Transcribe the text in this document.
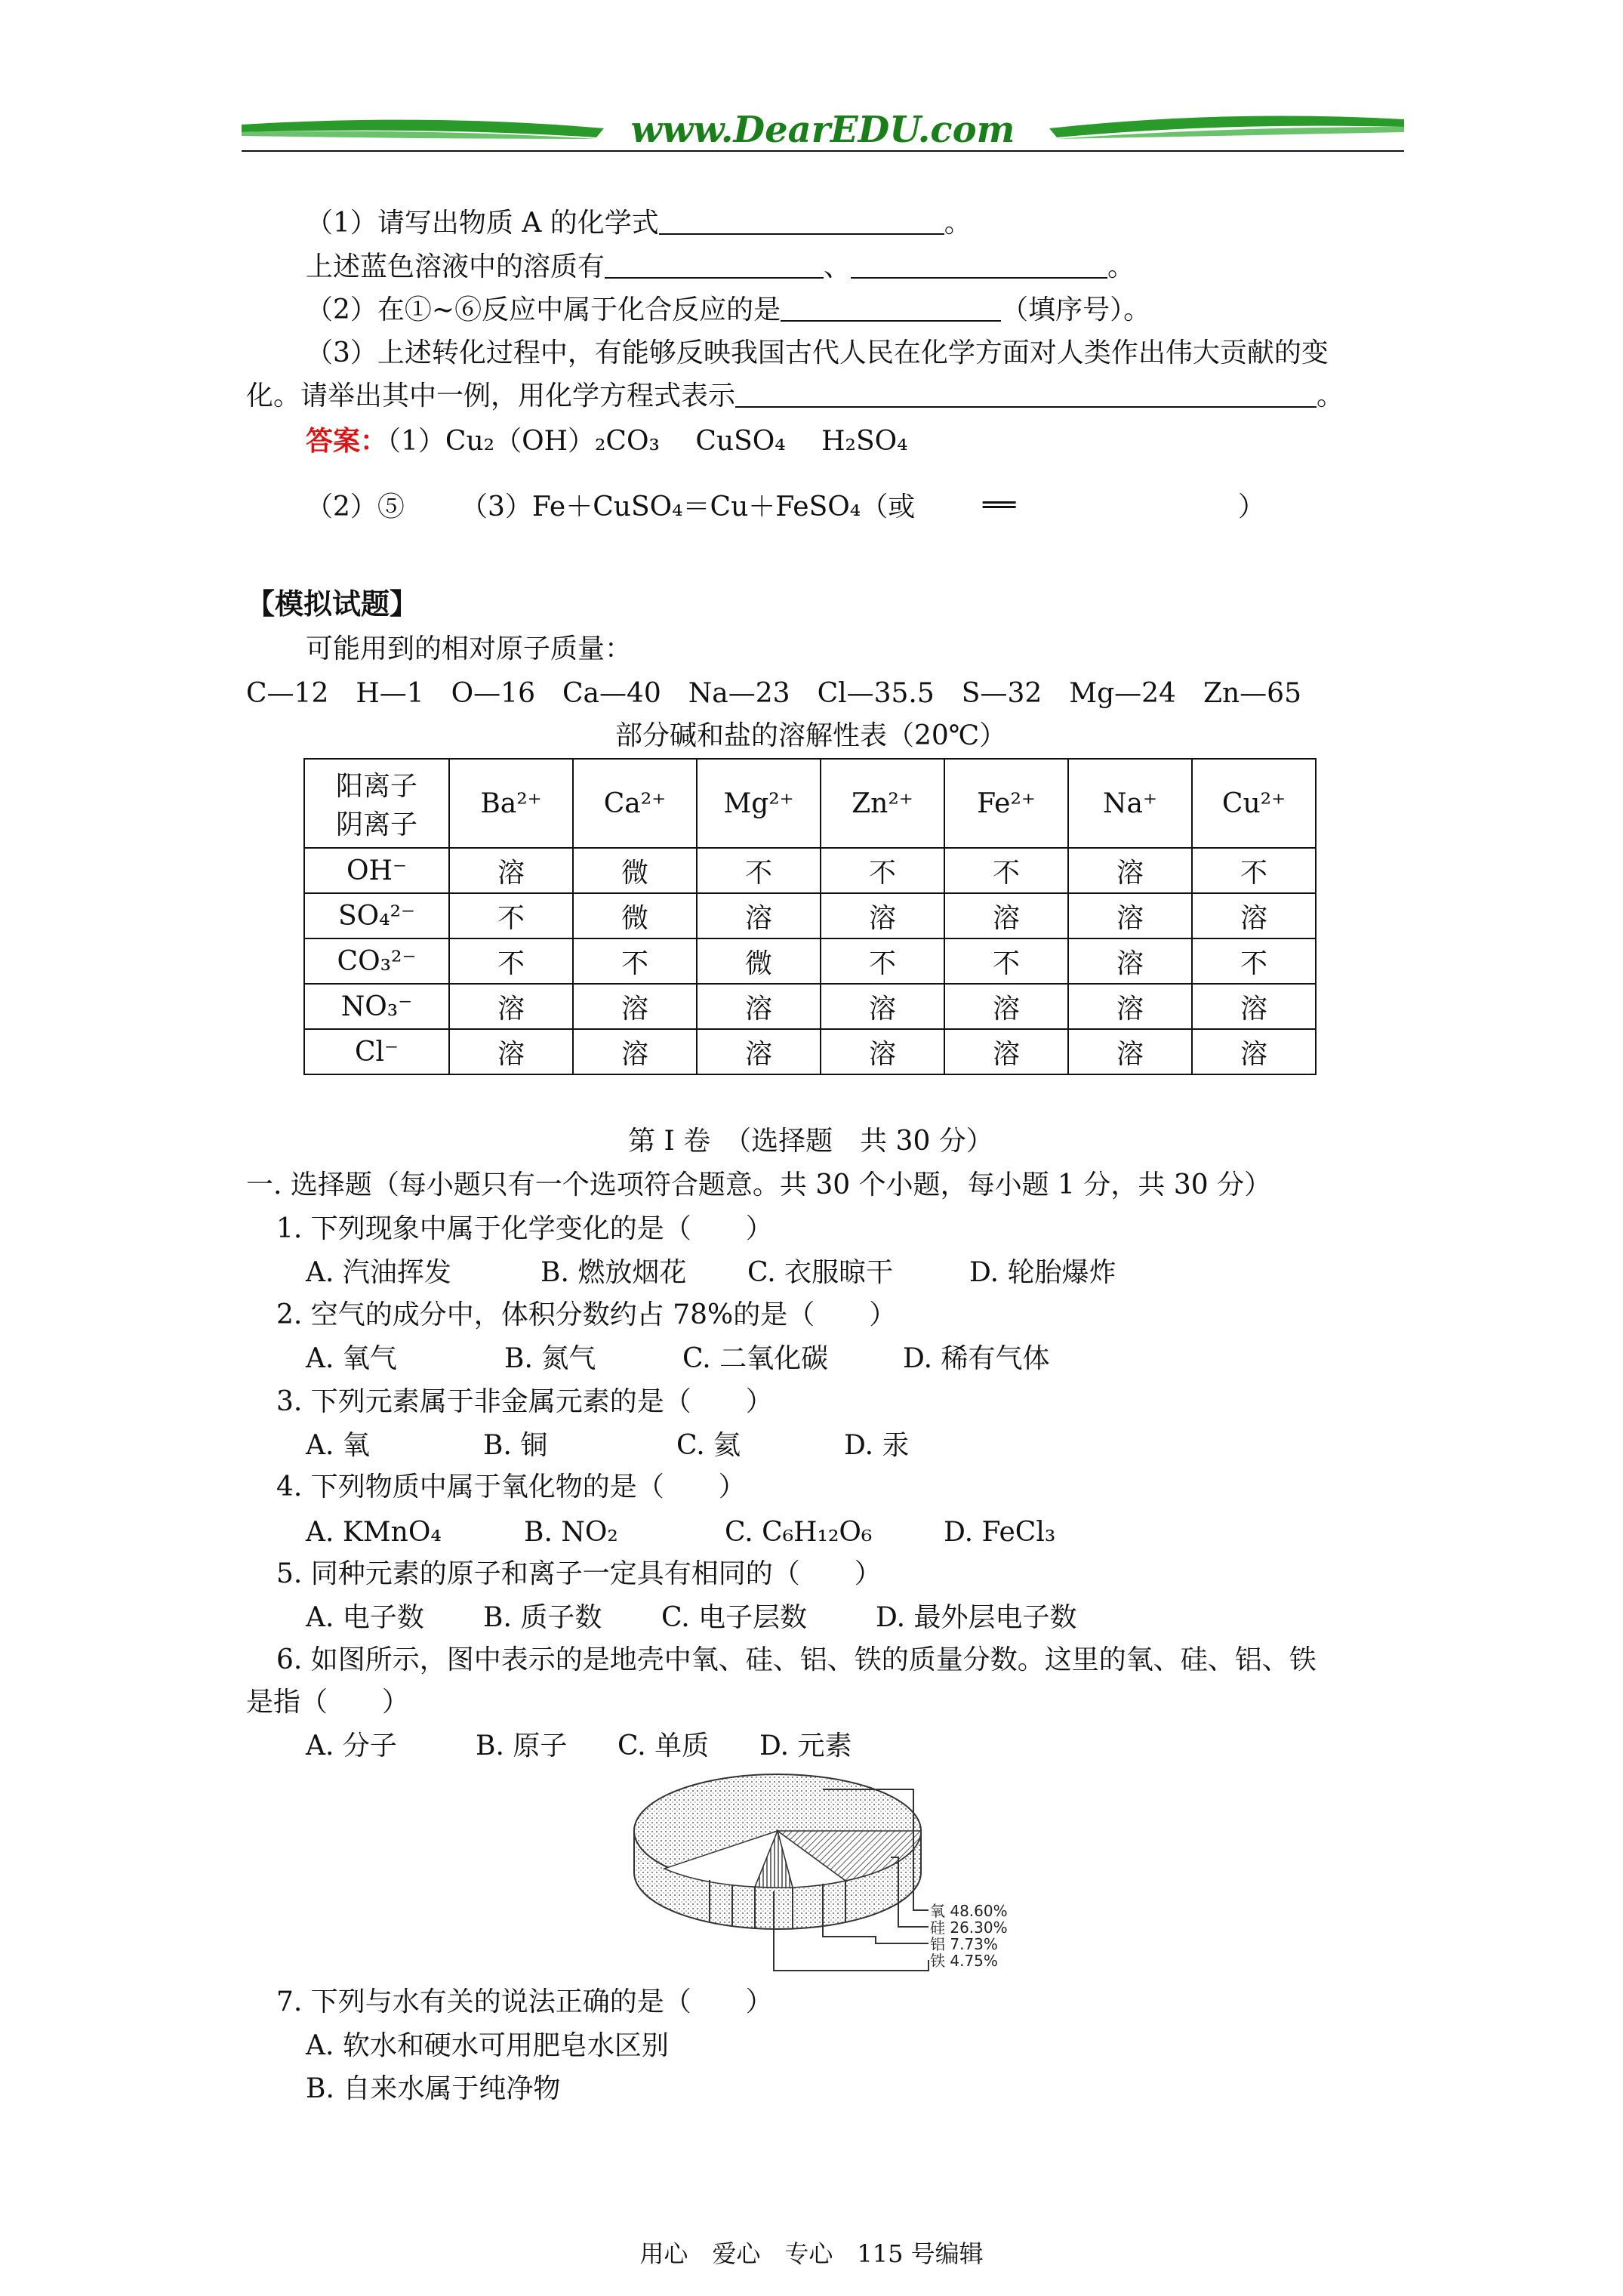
www.DearEDU.com
（1）请写出物质 A 的化学式	。
上述蓝色溶液中的溶质有	、	。
（2）在①~⑥反应中属于化合反应的是	（填序号）。
（3）上述转化过程中，有能够反映我国古代人民在化学方面对人类作出伟大贡献的变
化。请举出其中一例，用化学方程式表示	。
答案：（1）Cu₂（OH）₂CO₃　 CuSO₄　 H₂SO₄
（2）⑤ （3）Fe＋CuSO₄＝Cu＋FeSO₄（或 ══	）
【模拟试题】
可能用到的相对原子质量：
C—12　H—1　O—16　Ca—40　Na—23　Cl—35.5　S—32　Mg—24　Zn—65
部分碱和盐的溶解性表（20℃）
阳离子
阴离子	Ba²⁺	Ca²⁺	Mg²⁺	Zn²⁺	Fe²⁺	Na⁺	Cu²⁺
OH⁻	溶	微	不	不	不	溶	不
SO₄²⁻	不	微	溶	溶	溶	溶	溶
CO₃²⁻	不	不	微	不	不	溶	不
NO₃⁻	溶	溶	溶	溶	溶	溶	溶
Cl⁻	溶	溶	溶	溶	溶	溶	溶
第 I 卷　（选择题　共 30 分）
一. 选择题（每小题只有一个选项符合题意。共 30 个小题，每小题 1 分，共 30 分）
1. 下列现象中属于化学变化的是（　　）
A. 汽油挥发	B. 燃放烟花 C. 衣服晾干	D. 轮胎爆炸
2. 空气的成分中，体积分数约占 78%的是（　　）
A. 氧气	B. 氮气	C. 二氧化碳	D. 稀有气体
3. 下列元素属于非金属元素的是（　　）
A. 氧	B. 铜	C. 氦	D. 汞
4. 下列物质中属于氧化物的是（　　）
A. KMnO₄	B. NO₂	C. C₆H₁₂O₆	D. FeCl₃
5. 同种元素的原子和离子一定具有相同的（　　）
A. 电子数 B. 质子数 C. 电子层数	D. 最外层电子数
6. 如图所示，图中表示的是地壳中氧、硅、铝、铁的质量分数。这里的氧、硅、铝、铁
是指（　　）
A. 分子	B. 原子 C. 单质 D. 元素
氧 48.60%
硅 26.30%
铝 7.73%
铁 4.75%
7. 下列与水有关的说法正确的是（　　）
A. 软水和硬水可用肥皂水区别
B. 自来水属于纯净物
用心　爱心　专心　115 号编辑
